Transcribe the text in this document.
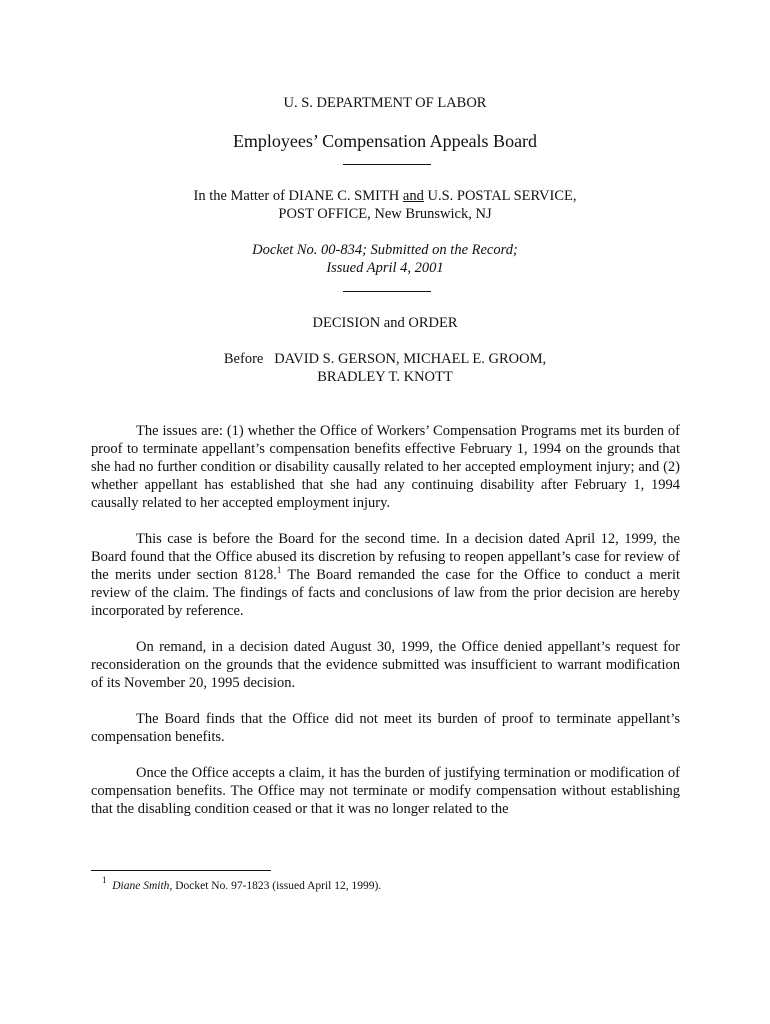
U. S. DEPARTMENT OF LABOR
Employees’ Compensation Appeals Board
In the Matter of DIANE C. SMITH and U.S. POSTAL SERVICE,
POST OFFICE, New Brunswick, NJ
Docket No. 00-834; Submitted on the Record;
Issued April 4, 2001
DECISION and ORDER
Before   DAVID S. GERSON, MICHAEL E. GROOM,
BRADLEY T. KNOTT

The issues are: (1) whether the Office of Workers’ Compensation Programs met its burden of proof to terminate appellant’s compensation benefits effective February 1, 1994 on the grounds that she had no further condition or disability causally related to her accepted employment injury; and (2) whether appellant has established that she had any continuing disability after February 1, 1994 causally related to her accepted employment injury.

This case is before the Board for the second time. In a decision dated April 12, 1999, the Board found that the Office abused its discretion by refusing to reopen appellant’s case for review of the merits under section 8128.$^1$ The Board remanded the case for the Office to conduct a merit review of the claim. The findings of facts and conclusions of law from the prior decision are hereby incorporated by reference.

On remand, in a decision dated August 30, 1999, the Office denied appellant’s request for reconsideration on the grounds that the evidence submitted was insufficient to warrant modification of its November 20, 1995 decision.

The Board finds that the Office did not meet its burden of proof to terminate appellant’s compensation benefits.

Once the Office accepts a claim, it has the burden of justifying termination or modification of compensation benefits. The Office may not terminate or modify compensation without establishing that the disabling condition ceased or that it was no longer related to the

$^1$ Diane Smith, Docket No. 97-1823 (issued April 12, 1999).
